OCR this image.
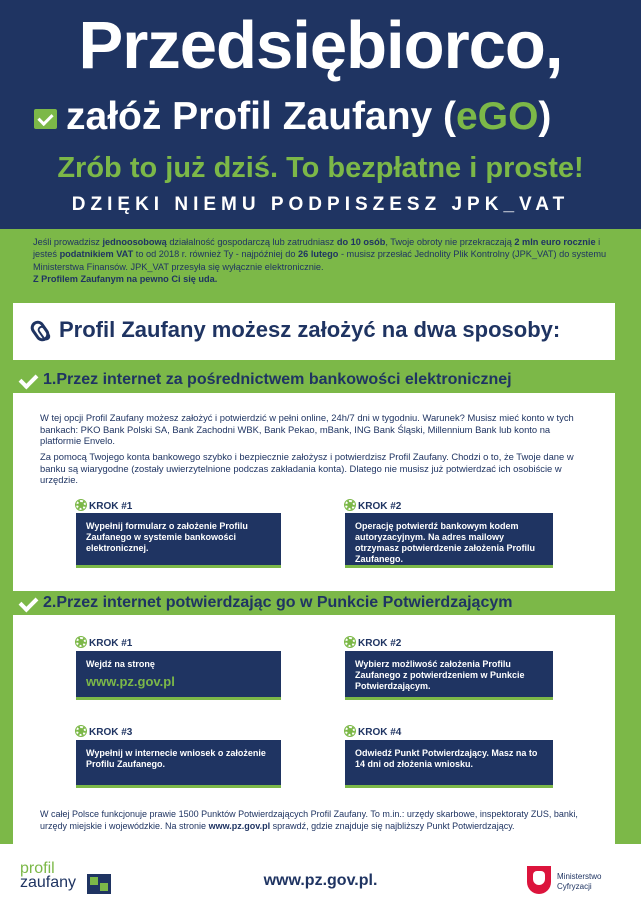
Przedsiębiorco,
załóż Profil Zaufany (eGO)
Zrób to już dziś. To bezpłatne i proste!
DZIĘKI NIEMU PODPISZESZ JPK_VAT
Jeśli prowadzisz jednoosobową działalność gospodarczą lub zatrudniasz do 10 osób, Twoje obroty nie przekraczają 2 mln euro rocznie i jesteś podatnikiem VAT to od 2018 r. również Ty - najpóźniej do 26 lutego - musisz przesłać Jednolity Plik Kontrolny (JPK_VAT) do systemu Ministerstwa Finansów. JPK_VAT przesyła się wyłącznie elektronicznie.
Z Profilem Zaufanym na pewno Ci się uda.
Profil Zaufany możesz założyć na dwa sposoby:
1.Przez internet za pośrednictwem bankowości elektronicznej
W tej opcji Profil Zaufany możesz założyć i potwierdzić w pełni online, 24h/7 dni w tygodniu. Warunek? Musisz mieć konto w tych bankach: PKO Bank Polski SA, Bank Zachodni WBK, Bank Pekao, mBank, ING Bank Śląski, Millennium Bank lub konto na platformie Envelo.
Za pomocą Twojego konta bankowego szybko i bezpiecznie założysz i potwierdzisz Profil Zaufany. Chodzi o to, że Twoje dane w banku są wiarygodne (zostały uwierzytelnione podczas zakładania konta). Dlatego nie musisz już potwierdzać ich osobiście w urzędzie.
KROK #1
Wypełnij formularz o założenie Profilu Zaufanego w systemie bankowości elektronicznej.
KROK #2
Operację potwierdź bankowym kodem autoryzacyjnym. Na adres mailowy otrzymasz potwierdzenie założenia Profilu Zaufanego.
2.Przez internet potwierdzając go w Punkcie Potwierdzającym
KROK #1
Wejdź na stronę
www.pz.gov.pl
KROK #2
Wybierz możliwość założenia Profilu Zaufanego z potwierdzeniem w Punkcie Potwierdzającym.
KROK #3
Wypełnij w internecie wniosek o założenie Profilu Zaufanego.
KROK #4
Odwiedź Punkt Potwierdzający. Masz na to 14 dni od złożenia wniosku.
W całej Polsce funkcjonuje prawie 1500 Punktów Potwierdzających Profil Zaufany. To m.in.: urzędy skarbowe, inspektoraty ZUS, banki, urzędy miejskie i wojewódzkie. Na stronie www.pz.gov.pl sprawdź, gdzie znajduje się najbliższy Punkt Potwierdzający.
profil
zaufany	www.pz.gov.pl.	Ministerstwo
Cyfryzacji
